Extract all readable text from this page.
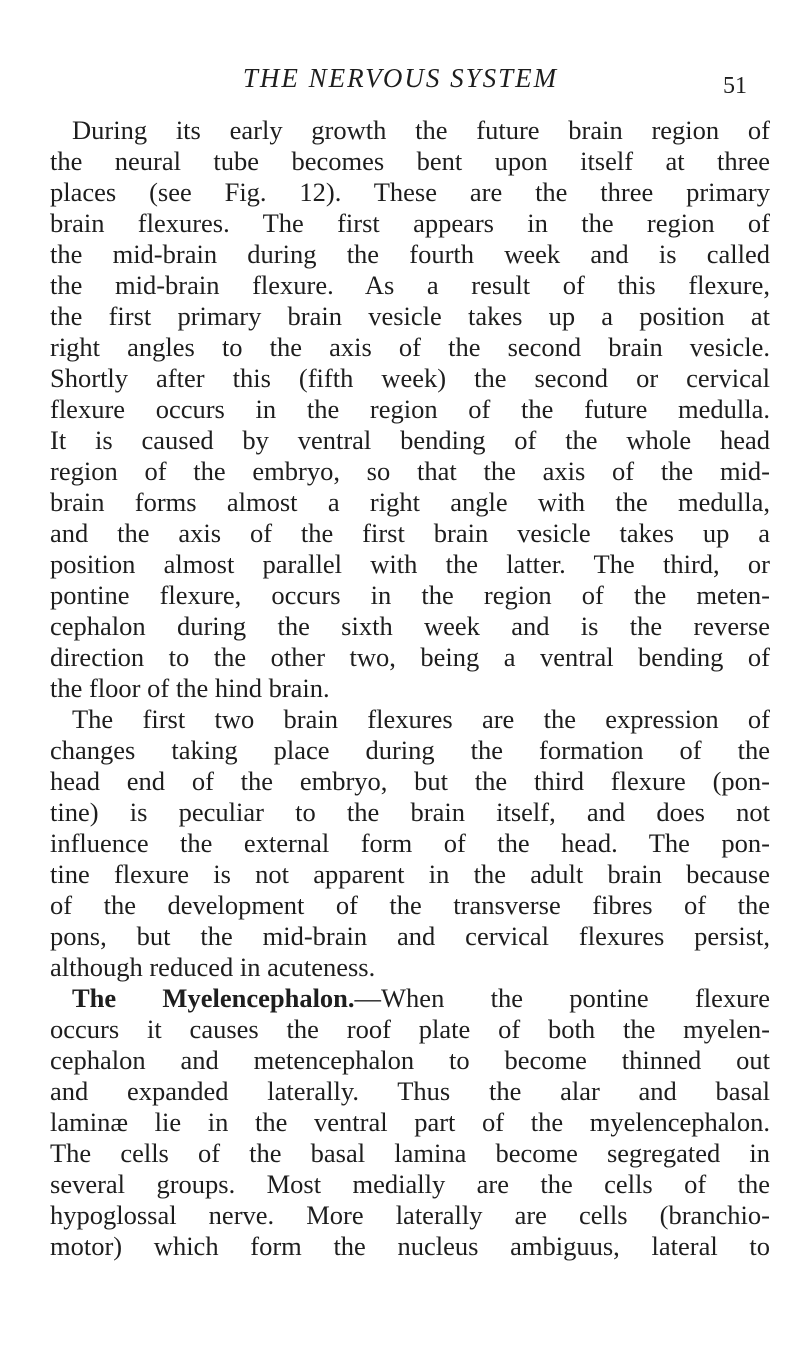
THE NERVOUS SYSTEM	51
During its early growth the future brain region of
the neural tube becomes bent upon itself at three
places (see Fig. 12). These are the three primary
brain flexures. The first appears in the region of
the mid-brain during the fourth week and is called
the mid-brain flexure. As a result of this flexure,
the first primary brain vesicle takes up a position at
right angles to the axis of the second brain vesicle.
Shortly after this (fifth week) the second or cervical
flexure occurs in the region of the future medulla.
It is caused by ventral bending of the whole head
region of the embryo, so that the axis of the mid-
brain forms almost a right angle with the medulla,
and the axis of the first brain vesicle takes up a
position almost parallel with the latter. The third, or
pontine flexure, occurs in the region of the meten-
cephalon during the sixth week and is the reverse
direction to the other two, being a ventral bending of
the floor of the hind brain.
The first two brain flexures are the expression of
changes taking place during the formation of the
head end of the embryo, but the third flexure (pon-
tine) is peculiar to the brain itself, and does not
influence the external form of the head. The pon-
tine flexure is not apparent in the adult brain because
of the development of the transverse fibres of the
pons, but the mid-brain and cervical flexures persist,
although reduced in acuteness.
The Myelencephalon.—When the pontine flexure
occurs it causes the roof plate of both the myelen-
cephalon and metencephalon to become thinned out
and expanded laterally. Thus the alar and basal
laminæ lie in the ventral part of the myelencephalon.
The cells of the basal lamina become segregated in
several groups. Most medially are the cells of the
hypoglossal nerve. More laterally are cells (branchio-
motor) which form the nucleus ambiguus, lateral to
